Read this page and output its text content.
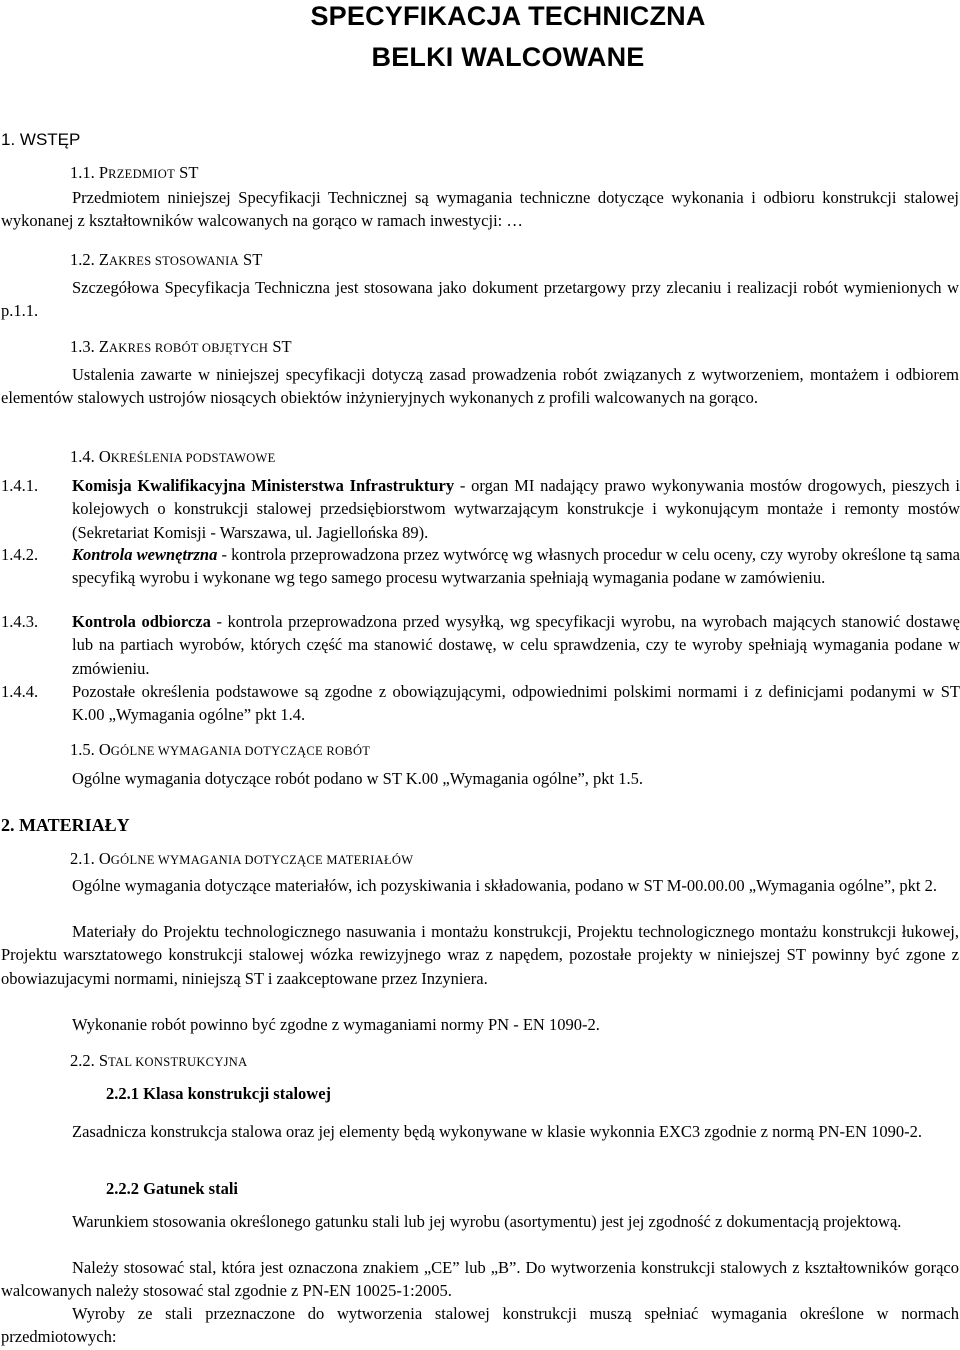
SPECYFIKACJA TECHNICZNA
BELKI WALCOWANE
1. WSTĘP
1.1. PRZEDMIOT ST
Przedmiotem niniejszej Specyfikacji Technicznej są wymagania techniczne dotyczące wykonania i odbioru konstrukcji stalowej wykonanej z kształtowników walcowanych na gorąco w ramach inwestycji: …
1.2. ZAKRES STOSOWANIA ST
Szczegółowa Specyfikacja Techniczna jest stosowana jako dokument przetargowy przy zlecaniu i realizacji robót wymienionych w p.1.1.
1.3. ZAKRES ROBÓT OBJĘTYCH ST
Ustalenia zawarte w niniejszej specyfikacji dotyczą zasad prowadzenia robót związanych z wytworzeniem, montażem i odbiorem elementów stalowych ustrojów niosących obiektów inżynieryjnych wykonanych z profili walcowanych na gorąco.
1.4. OKREŚLENIA PODSTAWOWE
1.4.1.	Komisja Kwalifikacyjna Ministerstwa Infrastruktury - organ MI nadający prawo wykonywania mostów drogowych, pieszych i kolejowych o konstrukcji stalowej przedsiębiorstwom wytwarzającym konstrukcje i wykonującym montaże i remonty mostów (Sekretariat Komisji - Warszawa, ul. Jagiellońska 89).
1.4.2.	Kontrola wewnętrzna - kontrola przeprowadzona przez wytwórcę wg własnych procedur w celu oceny, czy wyroby określone tą sama specyfiką wyrobu i wykonane wg tego samego procesu wytwarzania spełniają wymagania podane w zamówieniu.
1.4.3.	Kontrola odbiorcza - kontrola przeprowadzona przed wysyłką, wg specyfikacji wyrobu, na wyrobach mających stanowić dostawę lub na partiach wyrobów, których część ma stanowić dostawę, w celu sprawdzenia, czy te wyroby spełniają wymagania podane w zmówieniu.
1.4.4.	Pozostałe określenia podstawowe są zgodne z obowiązującymi, odpowiednimi polskimi normami i z definicjami podanymi w ST K.00 „Wymagania ogólne” pkt 1.4.
1.5. OGÓLNE WYMAGANIA DOTYCZĄCE ROBÓT
Ogólne wymagania dotyczące robót podano w ST K.00 „Wymagania ogólne”, pkt 1.5.
2. MATERIAŁY
2.1. OGÓLNE WYMAGANIA DOTYCZĄCE MATERIAŁÓW
Ogólne wymagania dotyczące materiałów, ich pozyskiwania i składowania, podano w ST M-00.00.00 „Wymagania ogólne”, pkt 2.
Materiały do Projektu technologicznego nasuwania i montażu konstrukcji, Projektu technologicznego montażu konstrukcji łukowej, Projektu warsztatowego konstrukcji stalowej wózka rewizyjnego wraz z napędem, pozostałe projekty w niniejszej ST powinny być zgone z obowiazujacymi normami, niniejszą ST i zaakceptowane przez Inzyniera.
Wykonanie robót powinno być zgodne z wymaganiami normy PN - EN 1090-2.
2.2. STAL KONSTRUKCYJNA
2.2.1 Klasa konstrukcji stalowej
Zasadnicza konstrukcja stalowa oraz jej elementy będą wykonywane w klasie wykonnia EXC3 zgodnie z normą PN-EN 1090-2.
2.2.2 Gatunek stali
Warunkiem stosowania określonego gatunku stali lub jej wyrobu (asortymentu) jest jej zgodność z dokumentacją projektową.
Należy stosować stal, która jest oznaczona znakiem „CE” lub „B”. Do wytworzenia konstrukcji stalowych z kształtowników gorąco walcowanych należy stosować stal zgodnie z PN-EN 10025-1:2005.
Wyroby ze stali przeznaczone do wytworzenia stalowej konstrukcji muszą spełniać wymagania określone w normach przedmiotowych:
